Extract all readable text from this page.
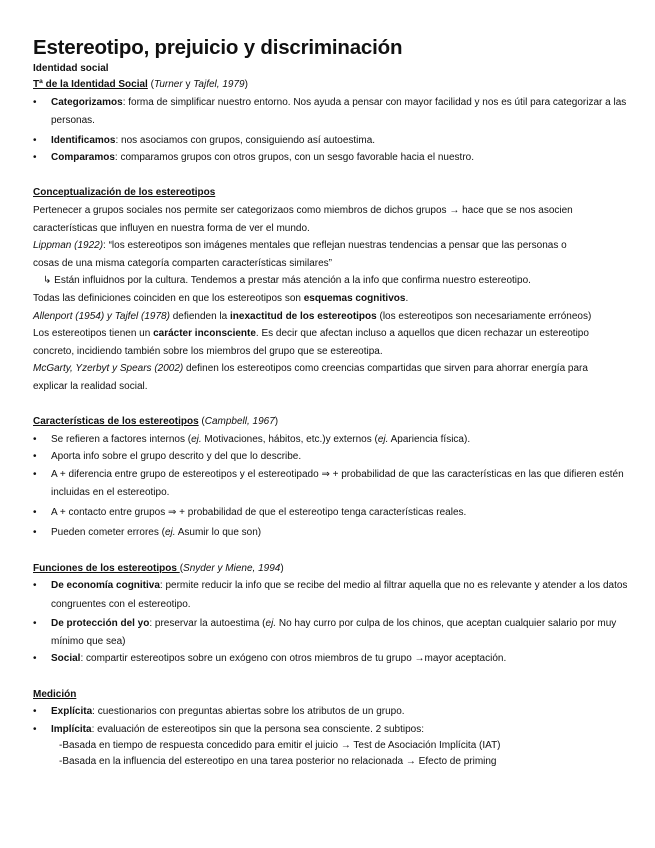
Estereotipo, prejuicio y discriminación
Identidad social
Tª de la Identidad Social (Turner y Tajfel, 1979)
• Categorizamos: forma de simplificar nuestro entorno. Nos ayuda a pensar con mayor facilidad y nos es útil para categorizar a las personas.
• Identificamos: nos asociamos con grupos, consiguiendo así autoestima.
• Comparamos: comparamos grupos con otros grupos, con un sesgo favorable hacia el nuestro.
Conceptualización de los estereotipos
Pertenecer a grupos sociales nos permite ser categorizaos como miembros de dichos grupos → hace que se nos asocien
características que influyen en nuestra forma de ver el mundo.
Lippman (1922): “los estereotipos son imágenes mentales que reflejan nuestras tendencias a pensar que las personas o
cosas de una misma categoría comparten características similares”
↳ Están influidnos por la cultura. Tendemos a prestar más atención a la info que confirma nuestro estereotipo.
Todas las definiciones coinciden en que los estereotipos son esquemas cognitivos.
Allenport (1954) y Tajfel (1978) defienden la inexactitud de los estereotipos (los estereotipos son necesariamente erróneos)
Los estereotipos tienen un carácter inconsciente. Es decir que afectan incluso a aquellos que dicen rechazar un estereotipo
concreto, incidiendo también sobre los miembros del grupo que se estereotipa.
McGarty, Yzerbyt y Spears (2002) definen los estereotipos como creencias compartidas que sirven para ahorrar energía para
explicar la realidad social.
Características de los estereotipos (Campbell, 1967)
• Se refieren a factores internos (ej. Motivaciones, hábitos, etc.)y externos (ej. Apariencia física).
• Aporta info sobre el grupo descrito y del que lo describe.
• A + diferencia entre grupo de estereotipos y el estereotipado ⇒ + probabilidad de que las características en las que difieren estén incluidas en el estereotipo.
• A + contacto entre grupos ⇒ + probabilidad de que el estereotipo tenga características reales.
• Pueden cometer errores (ej. Asumir lo que son)
Funciones de los estereotipos (Snyder y Miene, 1994)
• De economía cognitiva: permite reducir la info que se recibe del medio al filtrar aquella que no es relevante y atender a los datos congruentes con el estereotipo.
• De protección del yo: preservar la autoestima (ej. No hay curro por culpa de los chinos, que aceptan cualquier salario por muy mínimo que sea)
• Social: compartir estereotipos sobre un exógeno con otros miembros de tu grupo →mayor aceptación.
Medición
• Explícita: cuestionarios con preguntas abiertas sobre los atributos de un grupo.
• Implícita: evaluación de estereotipos sin que la persona sea consciente. 2 subtipos:
-Basada en tiempo de respuesta concedido para emitir el juicio → Test de Asociación Implícita (IAT)
-Basada en la influencia del estereotipo en una tarea posterior no relacionada → Efecto de priming
